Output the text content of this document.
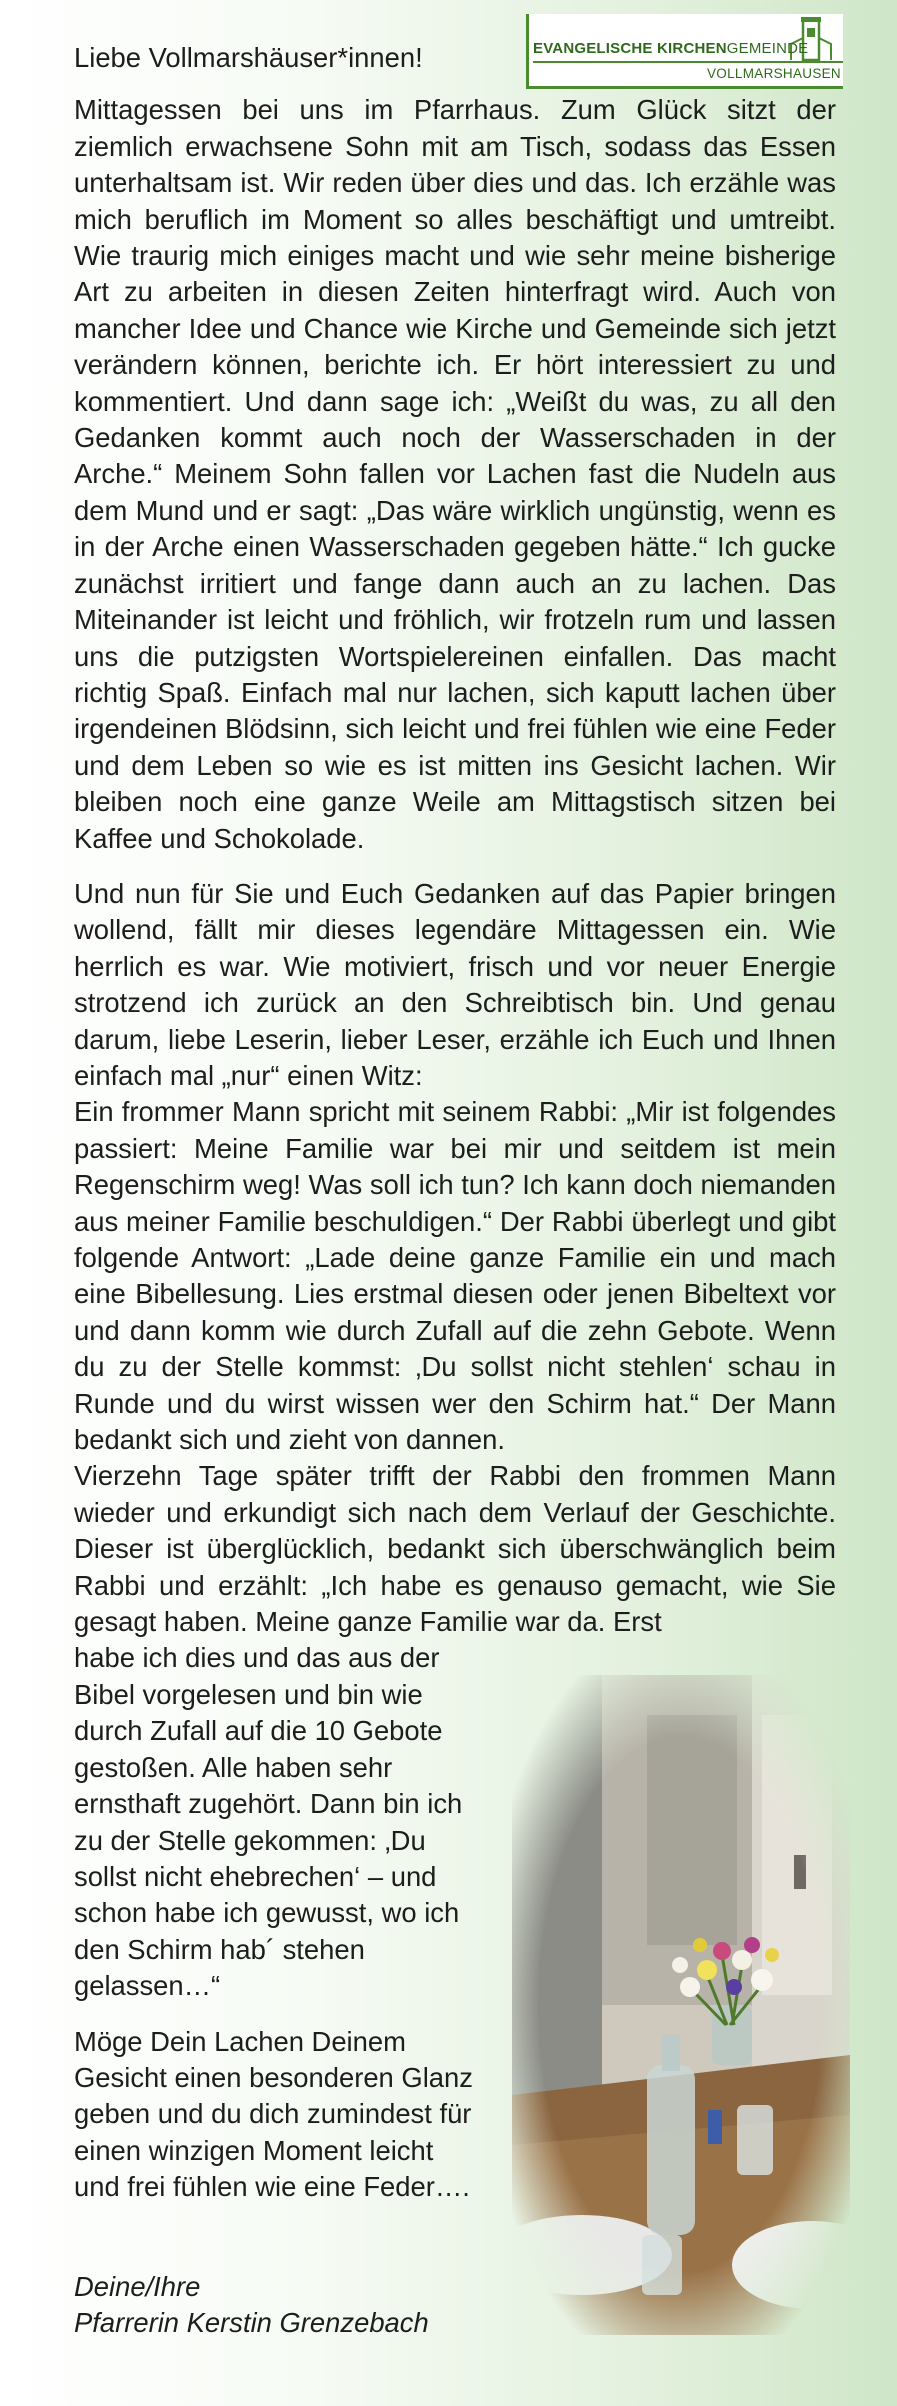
EVANGELISCHE KIRCHENGEMEINDE
VOLLMARSHAUSEN

Liebe Vollmarshäuser*innen!

Mittagessen bei uns im Pfarrhaus. Zum Glück sitzt der ziemlich erwachsene Sohn mit am Tisch, sodass das Essen unterhaltsam ist. Wir reden über dies und das. Ich erzähle was mich beruflich im Moment so alles beschäftigt und umtreibt. Wie traurig mich einiges macht und wie sehr meine bisherige Art zu arbeiten in diesen Zeiten hinterfragt wird. Auch von mancher Idee und Chance wie Kirche und Gemeinde sich jetzt verändern können, berichte ich. Er hört interessiert zu und kommentiert. Und dann sage ich: „Weißt du was, zu all den Gedanken kommt auch noch der Wasserschaden in der Arche.“ Meinem Sohn fallen vor Lachen fast die Nudeln aus dem Mund und er sagt: „Das wäre wirklich ungünstig, wenn es in der Arche einen Wasserschaden gegeben hätte.“ Ich gucke zunächst irritiert und fange dann auch an zu lachen. Das Miteinander ist leicht und fröhlich, wir frotzeln rum und lassen uns die putzigsten Wortspielereinen einfallen. Das macht richtig Spaß. Einfach mal nur lachen, sich kaputt lachen über irgendeinen Blödsinn, sich leicht und frei fühlen wie eine Feder und dem Leben so wie es ist mitten ins Gesicht lachen. Wir bleiben noch eine ganze Weile am Mittagstisch sitzen bei Kaffee und Schokolade.

Und nun für Sie und Euch Gedanken auf das Papier bringen wollend, fällt mir dieses legendäre Mittagessen ein. Wie herrlich es war. Wie motiviert, frisch und vor neuer Energie strotzend ich zurück an den Schreibtisch bin. Und genau darum, liebe Leserin, lieber Leser, erzähle ich Euch und Ihnen einfach mal „nur“ einen Witz:

Ein frommer Mann spricht mit seinem Rabbi: „Mir ist folgendes passiert: Meine Familie war bei mir und seitdem ist mein Regenschirm weg! Was soll ich tun? Ich kann doch niemanden aus meiner Familie beschuldigen.“ Der Rabbi überlegt und gibt folgende Antwort: „Lade deine ganze Familie ein und mach eine Bibellesung. Lies erstmal diesen oder jenen Bibeltext vor und dann komm wie durch Zufall auf die zehn Gebote. Wenn du zu der Stelle kommst: ‚Du sollst nicht stehlen‘ schau in Runde und du wirst wissen wer den Schirm hat.“ Der Mann bedankt sich und zieht von dannen.

Vierzehn Tage später trifft der Rabbi den frommen Mann wieder und erkundigt sich nach dem Verlauf der Geschichte. Dieser ist überglücklich, bedankt sich überschwänglich beim Rabbi und erzählt: „Ich habe es genauso gemacht, wie Sie gesagt haben. Meine ganze Familie war da. Erst

habe ich dies und das aus der Bibel vorgelesen und bin wie durch Zufall auf die 10 Gebote gestoßen. Alle haben sehr ernsthaft zugehört. Dann bin ich zu der Stelle gekommen: ‚Du sollst nicht ehebrechen‘ – und schon habe ich gewusst, wo ich den Schirm hab´ stehen gelassen…“

Möge Dein Lachen Deinem Gesicht einen besonderen Glanz geben und du dich zumindest für einen winzigen Moment leicht und frei fühlen wie eine Feder….

Deine/Ihre
Pfarrerin Kerstin Grenzebach
